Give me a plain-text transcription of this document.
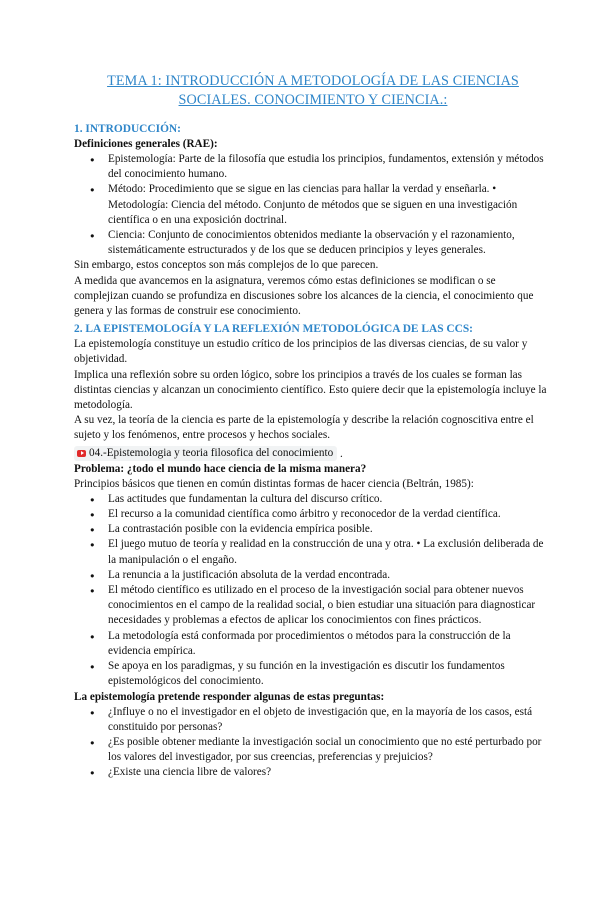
TEMA 1: INTRODUCCIÓN A METODOLOGÍA DE LAS CIENCIAS SOCIALES. CONOCIMIENTO Y CIENCIA.:
1. INTRODUCCIÓN:
Definiciones generales (RAE):
● Epistemología: Parte de la filosofía que estudia los principios, fundamentos, extensión y métodos del conocimiento humano.
● Método: Procedimiento que se sigue en las ciencias para hallar la verdad y enseñarla. • Metodología: Ciencia del método. Conjunto de métodos que se siguen en una investigación científica o en una exposición doctrinal.
● Ciencia: Conjunto de conocimientos obtenidos mediante la observación y el razonamiento, sistemáticamente estructurados y de los que se deducen principios y leyes generales.

Sin embargo, estos conceptos son más complejos de lo que parecen.

A medida que avancemos en la asignatura, veremos cómo estas definiciones se modifican o se complejizan cuando se profundiza en discusiones sobre los alcances de la ciencia, el conocimiento que genera y las formas de construir ese conocimiento.

2. LA EPISTEMOLOGÍA Y LA REFLEXIÓN METODOLÓGICA DE LAS CCS:

La epistemología constituye un estudio crítico de los principios de las diversas ciencias, de su valor y objetividad.

Implica una reflexión sobre su orden lógico, sobre los principios a través de los cuales se forman las distintas ciencias y alcanzan un conocimiento científico. Esto quiere decir que la epistemología incluye la metodología.

A su vez, la teoría de la ciencia es parte de la epistemología y describe la relación cognoscitiva entre el sujeto y los fenómenos, entre procesos y hechos sociales.

04.-Epistemologia y teoria filosofica del conocimiento .
Problema: ¿todo el mundo hace ciencia de la misma manera?

Principios básicos que tienen en común distintas formas de hacer ciencia (Beltrán, 1985):

● Las actitudes que fundamentan la cultura del discurso crítico.
● El recurso a la comunidad científica como árbitro y reconocedor de la verdad científica.
● La contrastación posible con la evidencia empírica posible.
● El juego mutuo de teoría y realidad en la construcción de una y otra. • La exclusión deliberada de la manipulación o el engaño.
● La renuncia a la justificación absoluta de la verdad encontrada.
● El método científico es utilizado en el proceso de la investigación social para obtener nuevos conocimientos en el campo de la realidad social, o bien estudiar una situación para diagnosticar necesidades y problemas a efectos de aplicar los conocimientos con fines prácticos.
● La metodología está conformada por procedimientos o métodos para la construcción de la evidencia empírica.
● Se apoya en los paradigmas, y su función en la investigación es discutir los fundamentos epistemológicos del conocimiento.
La epistemología pretende responder algunas de estas preguntas:
● ¿Influye o no el investigador en el objeto de investigación que, en la mayoría de los casos, está constituido por personas?
● ¿Es posible obtener mediante la investigación social un conocimiento que no esté perturbado por los valores del investigador, por sus creencias, preferencias y prejuicios?
● ¿Existe una ciencia libre de valores?
